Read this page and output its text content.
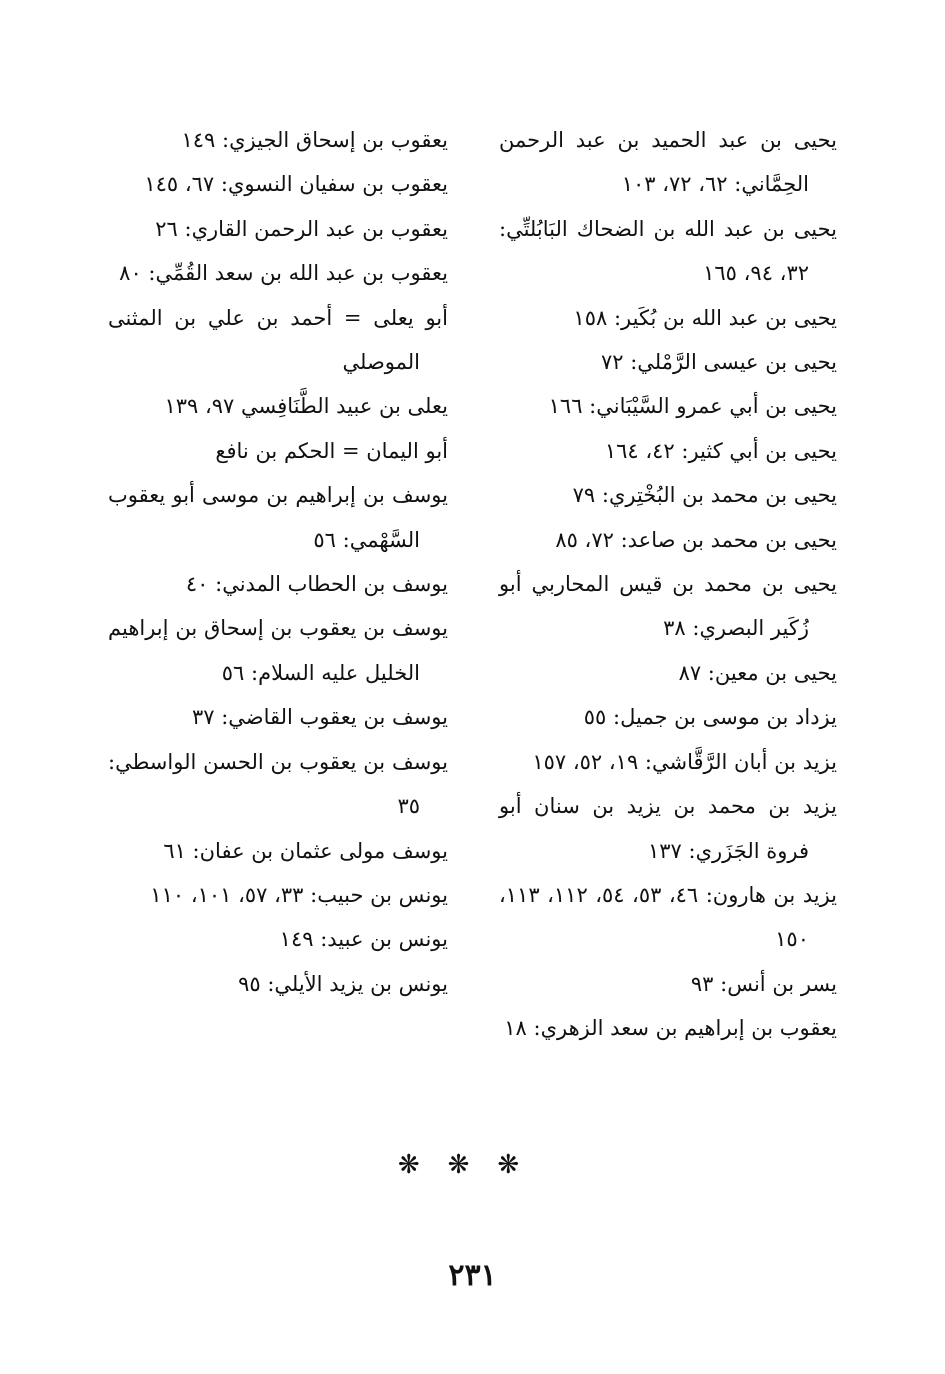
يحيى بن عبد الحميد بن عبد الرحمن الحِمَّاني: ٦٢، ٧٢، ١٠٣
يحيى بن عبد الله بن الضحاك البَابُلتِّي: ٣٢، ٩٤، ١٦٥
يحيى بن عبد الله بن بُكَير: ١٥٨
يحيى بن عيسى الرَّمْلي: ٧٢
يحيى بن أبي عمرو السَّيْبَاني: ١٦٦
يحيى بن أبي كثير: ٤٢، ١٦٤
يحيى بن محمد بن البُخْتِري: ٧٩
يحيى بن محمد بن صاعد: ٧٢، ٨٥
يحيى بن محمد بن قيس المحاربي أبو زُكَير البصري: ٣٨
يحيى بن معين: ٨٧
يزداد بن موسى بن جميل: ٥٥
يزيد بن أبان الرَّقَّاشي: ١٩، ٥٢، ١٥٧
يزيد بن محمد بن يزيد بن سنان أبو فروة الجَزَري: ١٣٧
يزيد بن هارون: ٤٦، ٥٣، ٥٤، ١١٢، ١١٣، ١٥٠
يسر بن أنس: ٩٣
يعقوب بن إبراهيم بن سعد الزهري: ١٨
يعقوب بن إسحاق الجيزي: ١٤٩
يعقوب بن سفيان النسوي: ٦٧، ١٤٥
يعقوب بن عبد الرحمن القاري: ٢٦
يعقوب بن عبد الله بن سعد القُمِّي: ٨٠
أبو يعلى = أحمد بن علي بن المثنى الموصلي
يعلى بن عبيد الطَّنَافِسي ٩٧، ١٣٩
أبو اليمان = الحكم بن نافع
يوسف بن إبراهيم بن موسى أبو يعقوب السَّهْمي: ٥٦
يوسف بن الحطاب المدني: ٤٠
يوسف بن يعقوب بن إسحاق بن إبراهيم الخليل عليه السلام: ٥٦
يوسف بن يعقوب القاضي: ٣٧
يوسف بن يعقوب بن الحسن الواسطي: ٣٥
يوسف مولى عثمان بن عفان: ٦١
يونس بن حبيب: ٣٣، ٥٧، ١٠١، ١١٠
يونس بن عبيد: ١٤٩
يونس بن يزيد الأيلي: ٩٥
❋❋❋
٢٣١
